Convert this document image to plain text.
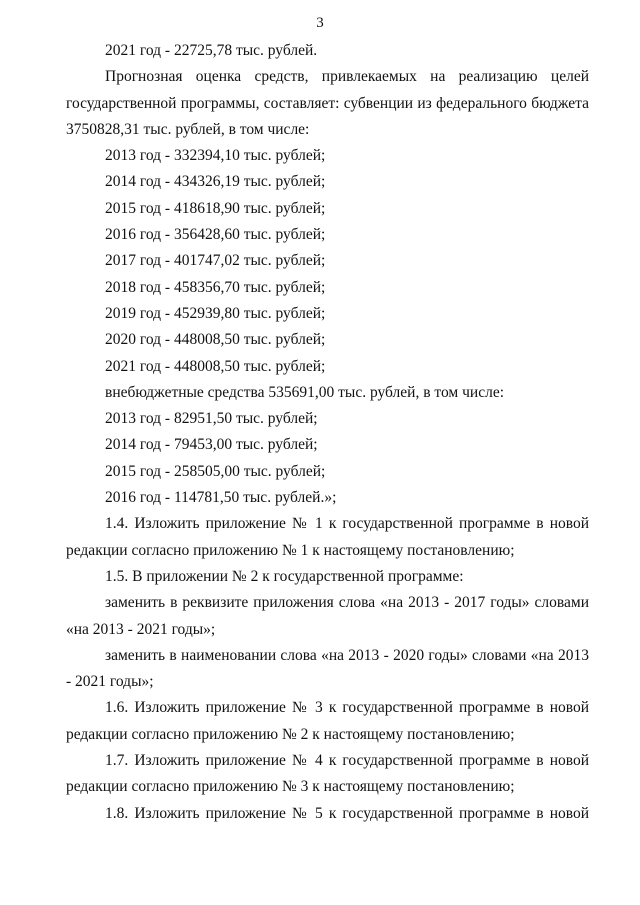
3

2021 год - 22725,78 тыс. рублей.

Прогнозная оценка средств, привлекаемых на реализацию целей государственной программы, составляет: субвенции из федерального бюджета 3750828,31 тыс. рублей, в том числе:

2013 год - 332394,10 тыс. рублей;

2014 год - 434326,19 тыс. рублей;

2015 год - 418618,90 тыс. рублей;

2016 год - 356428,60 тыс. рублей;

2017 год - 401747,02 тыс. рублей;

2018 год - 458356,70 тыс. рублей;

2019 год - 452939,80 тыс. рублей;

2020 год - 448008,50 тыс. рублей;

2021 год - 448008,50 тыс. рублей;

внебюджетные средства 535691,00 тыс. рублей, в том числе:

2013 год - 82951,50 тыс. рублей;

2014 год - 79453,00 тыс. рублей;

2015 год - 258505,00 тыс. рублей;

2016 год - 114781,50 тыс. рублей.»;

1.4. Изложить приложение № 1 к государственной программе в новой редакции согласно приложению № 1 к настоящему постановлению;

1.5. В приложении № 2 к государственной программе:

заменить в реквизите приложения слова «на 2013 - 2017 годы» словами «на 2013 - 2021 годы»;

заменить в наименовании слова «на 2013 - 2020 годы» словами «на 2013 - 2021 годы»;

1.6. Изложить приложение № 3 к государственной программе в новой редакции согласно приложению № 2 к настоящему постановлению;

1.7. Изложить приложение № 4 к государственной программе в новой редакции согласно приложению № 3 к настоящему постановлению;

1.8. Изложить приложение № 5 к государственной программе в новой
